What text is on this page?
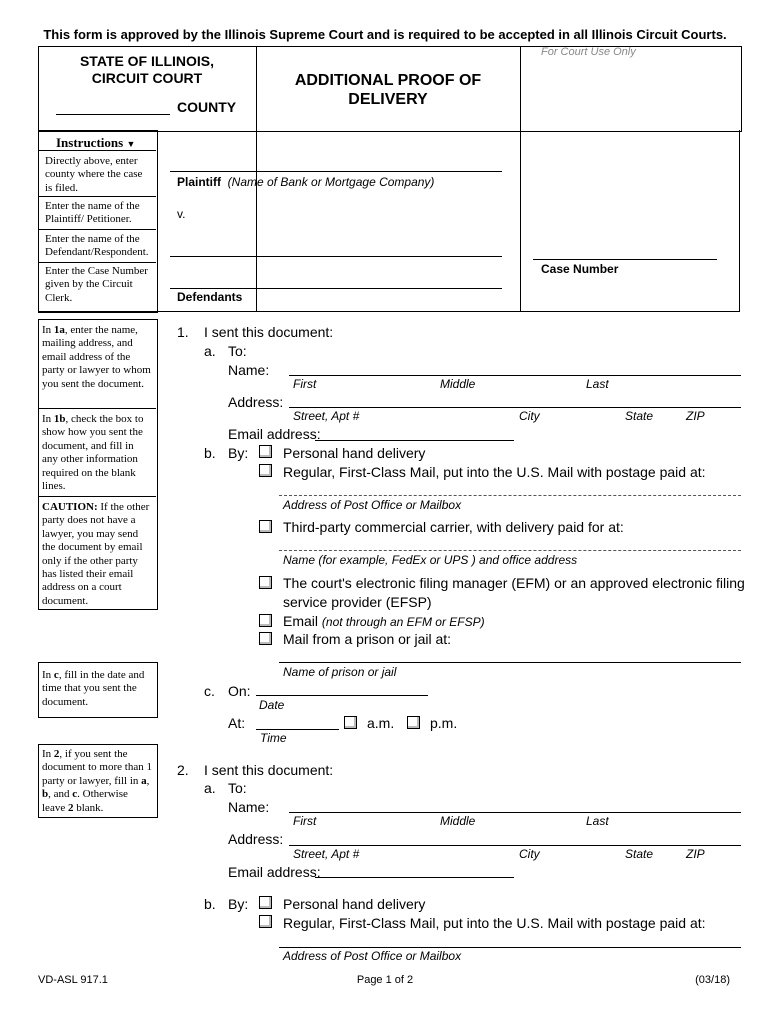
This form is approved by the Illinois Supreme Court and is required to be accepted in all Illinois Circuit Courts.
STATE OF ILLINOIS,
CIRCUIT COURT
COUNTY
ADDITIONAL PROOF OF
DELIVERY
For Court Use Only
Instructions ▼
Directly above, enter county where the case is filed.
Enter the name of the Plaintiff/ Petitioner.
Enter the name of the Defendant/Respondent.
Enter the Case Number given by the Circuit Clerk.
Plaintiff (Name of Bank or Mortgage Company)
v.
Defendants
Case Number
In 1a, enter the name, mailing address, and email address of the party or lawyer to whom you sent the document.
In 1b, check the box to show how you sent the document, and fill in any other information required on the blank lines.
CAUTION: If the other party does not have a lawyer, you may send the document by email only if the other party has listed their email address on a court document.
In c, fill in the date and time that you sent the document.
In 2, if you sent the document to more than 1 party or lawyer, fill in a, b, and c. Otherwise leave 2 blank.
1. I sent this document:
a. To:
Name:
First	Middle	Last
Address:
Street, Apt #	City	State	ZIP
Email address:
b. By: Personal hand delivery
Regular, First-Class Mail, put into the U.S. Mail with postage paid at:
Address of Post Office or Mailbox
Third-party commercial carrier, with delivery paid for at:
Name (for example, FedEx or UPS ) and office address
The court's electronic filing manager (EFM) or an approved electronic filing
service provider (EFSP)
Email (not through an EFM or EFSP)
Mail from a prison or jail at:
Name of prison or jail
c. On:
Date
At:
Time
a.m.	p.m.
2. I sent this document:
a. To:
Name:
First	Middle	Last
Address:
Street, Apt #	City	State	ZIP
Email address:
b. By: Personal hand delivery
Regular, First-Class Mail, put into the U.S. Mail with postage paid at:
Address of Post Office or Mailbox
VD-ASL 917.1	Page 1 of 2	(03/18)
